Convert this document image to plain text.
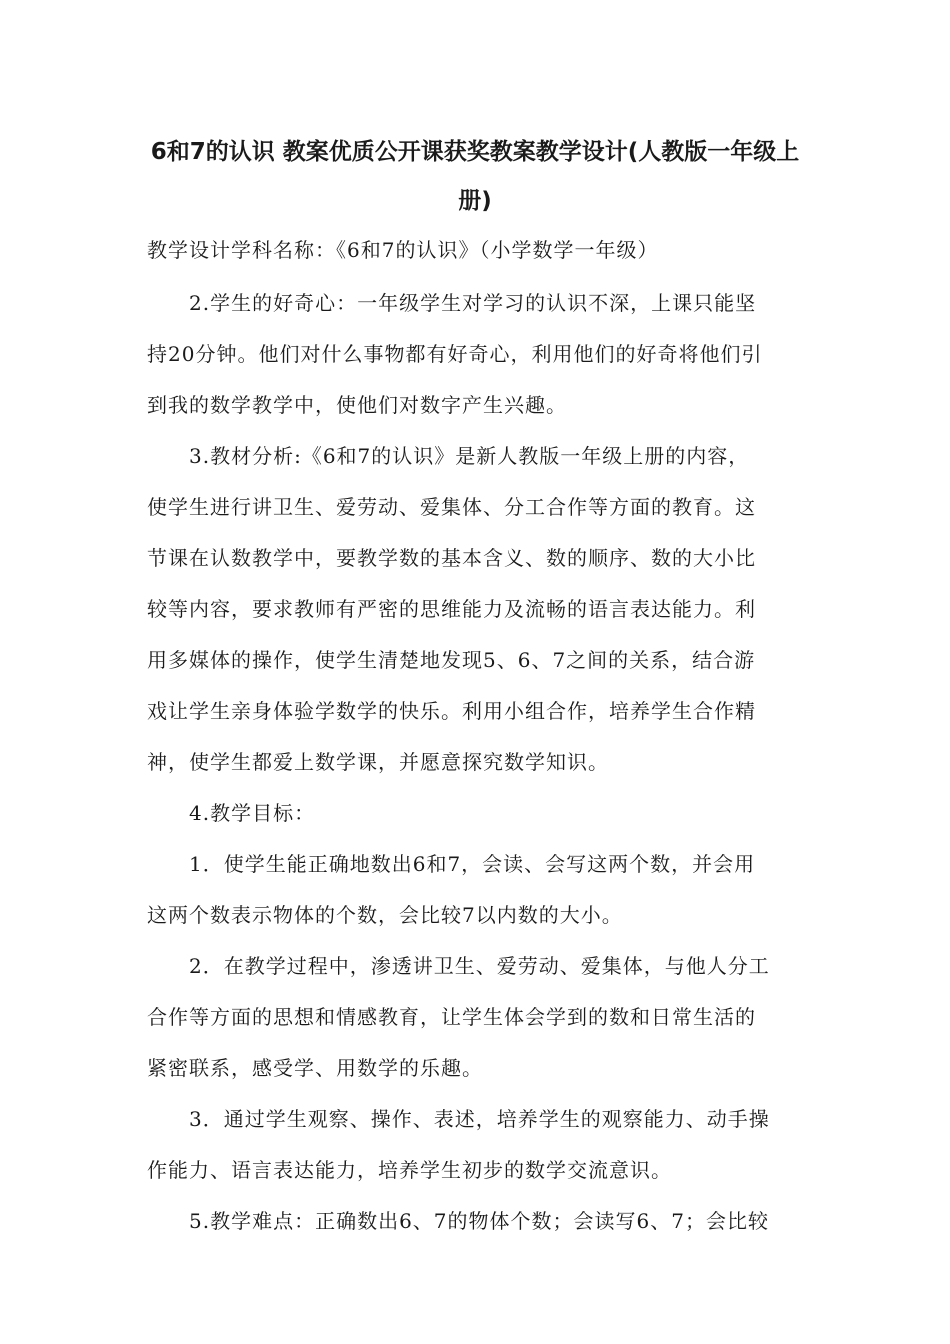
6和7的认识 教案优质公开课获奖教案教学设计(人教版一年级上
册)
教学设计学科名称：《6和7的认识》（小学数学一年级）
2.学生的好奇心：一年级学生对学习的认识不深，上课只能坚
持20分钟。他们对什么事物都有好奇心，利用他们的好奇将他们引
到我的数学教学中，使他们对数字产生兴趣。
3.教材分析:《6和7的认识》是新人教版一年级上册的内容，
使学生进行讲卫生、爱劳动、爱集体、分工合作等方面的教育。这
节课在认数教学中，要教学数的基本含义、数的顺序、数的大小比
较等内容，要求教师有严密的思维能力及流畅的语言表达能力。利
用多媒体的操作，使学生清楚地发现5、6、7之间的关系，结合游
戏让学生亲身体验学数学的快乐。利用小组合作，培养学生合作精
神，使学生都爱上数学课，并愿意探究数学知识。
4.教学目标：
1．使学生能正确地数出6和7，会读、会写这两个数，并会用
这两个数表示物体的个数，会比较7以内数的大小。
2．在教学过程中，渗透讲卫生、爱劳动、爱集体，与他人分工
合作等方面的思想和情感教育，让学生体会学到的数和日常生活的
紧密联系，感受学、用数学的乐趣。
3．通过学生观察、操作、表述，培养学生的观察能力、动手操
作能力、语言表达能力，培养学生初步的数学交流意识。
5.教学难点：正确数出6、7的物体个数；会读写6、7；会比较
